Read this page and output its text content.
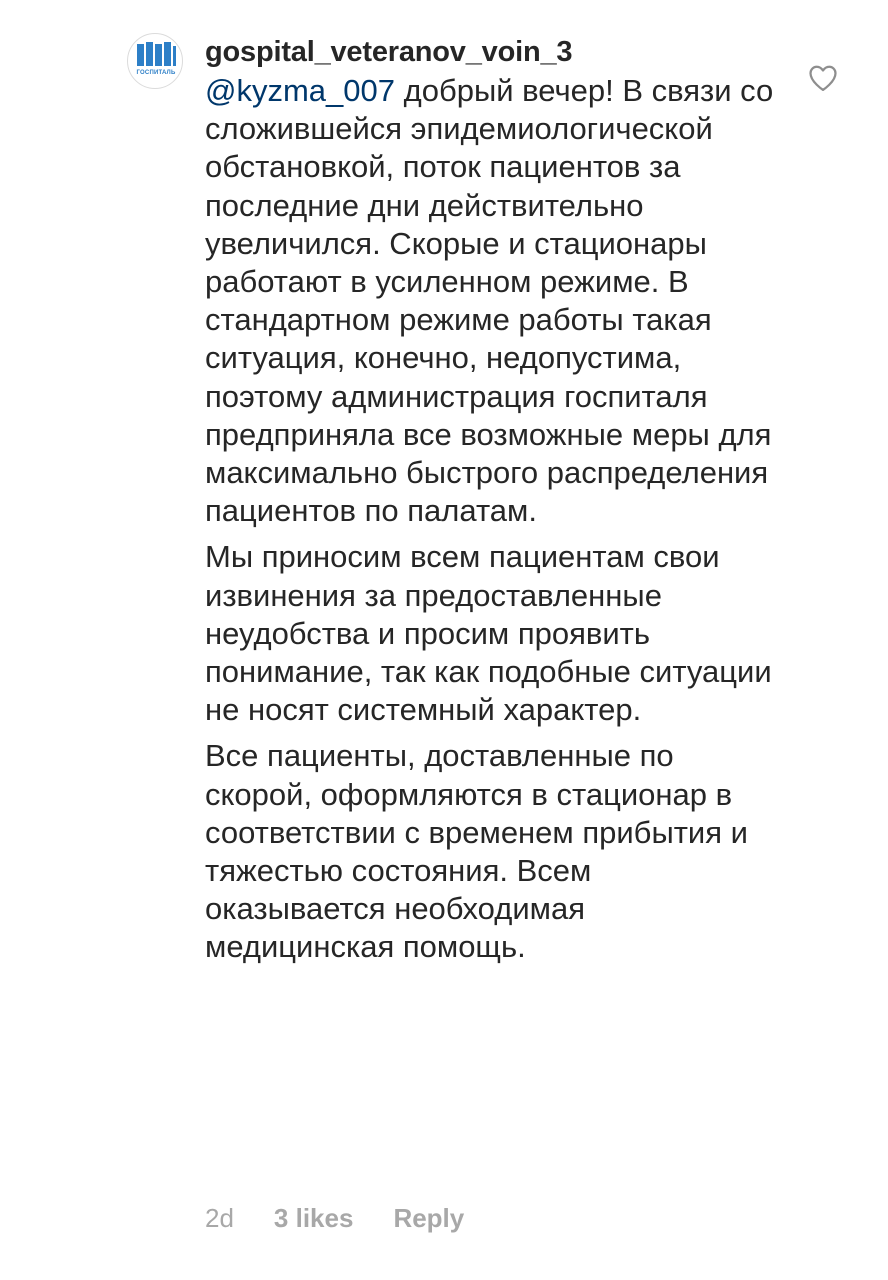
ГОСПИТАЛЬ
gospital_veteranov_voin_3

@kyzma_007 добрый вечер! В связи со сложившейся эпидемиологической обстановкой, поток пациентов за последние дни действительно увеличился. Скорые и стационары работают в усиленном режиме. В стандартном режиме работы такая ситуация, конечно, недопустима, поэтому администрация госпиталя предприняла все возможные меры для максимально быстрого распределения пациентов по палатам.

Мы приносим всем пациентам свои извинения за предоставленные неудобства и просим проявить понимание, так как подобные ситуации не носят системный характер.

Все пациенты, доставленные по скорой, оформляются в стационар в соответствии с временем прибытия и тяжестью состояния. Всем оказывается необходимая медицинская помощь.

2d 3 likes Reply
